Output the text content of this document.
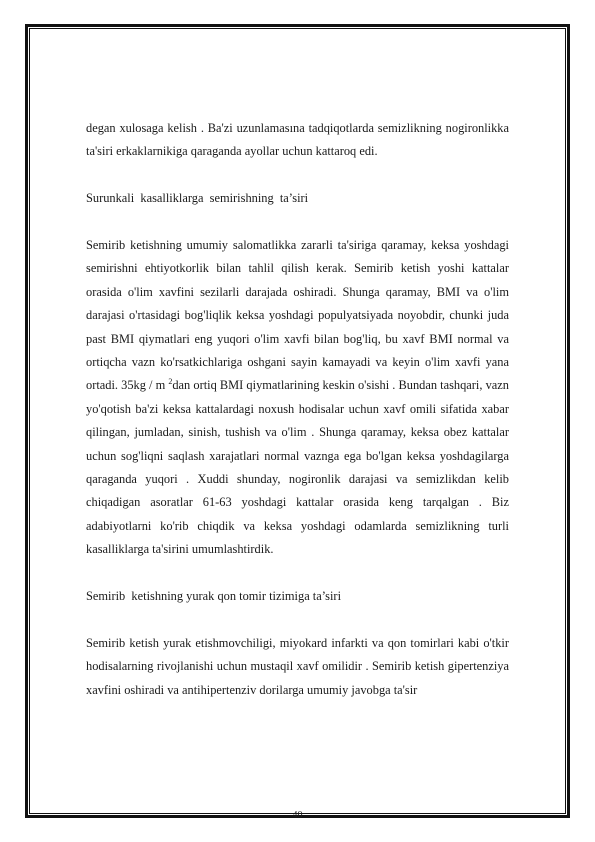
degan xulosaga kelish . Ba'zi uzunlamasına tadqiqotlarda semizlikning nogironlikka ta'siri erkaklarnikiga qaraganda ayollar uchun kattaroq edi.

Surunkali  kasalliklarga  semirishning  ta’siri

Semirib ketishning umumiy salomatlikka zararli ta'siriga qaramay, keksa yoshdagi semirishni ehtiyotkorlik bilan tahlil qilish kerak. Semirib ketish yoshi kattalar orasida o'lim xavfini sezilarli darajada oshiradi. Shunga qaramay, BMI va o'lim darajasi o'rtasidagi bog'liqlik keksa yoshdagi populyatsiyada noyobdir, chunki juda past BMI qiymatlari eng yuqori o'lim xavfi bilan bog'liq, bu xavf BMI normal va ortiqcha vazn ko'rsatkichlariga oshgani sayin kamayadi va keyin o'lim xavfi yana ortadi. 35kg / m $^2$dan ortiq BMI qiymatlarining keskin o'sishi . Bundan tashqari, vazn yo'qotish ba'zi keksa kattalardagi noxush hodisalar uchun xavf omili sifatida xabar qilingan, jumladan, sinish, tushish va o'lim . Shunga qaramay, keksa obez kattalar uchun sog'liqni saqlash xarajatlari normal vaznga ega bo'lgan keksa yoshdagilarga qaraganda yuqori . Xuddi shunday, nogironlik darajasi va semizlikdan kelib chiqadigan asoratlar 61-63 yoshdagi kattalar orasida keng tarqalgan . Biz adabiyotlarni ko'rib chiqdik va keksa yoshdagi odamlarda semizlikning turli kasalliklarga ta'sirini umumlashtirdik.

Semirib  ketishning yurak qon tomir tizimiga ta’siri

Semirib ketish yurak etishmovchiligi, miyokard infarkti va qon tomirlari kabi o'tkir hodisalarning rivojlanishi uchun mustaqil xavf omilidir . Semirib ketish gipertenziya xavfini oshiradi va antihipertenziv dorilarga umumiy javobga ta'sir

40
